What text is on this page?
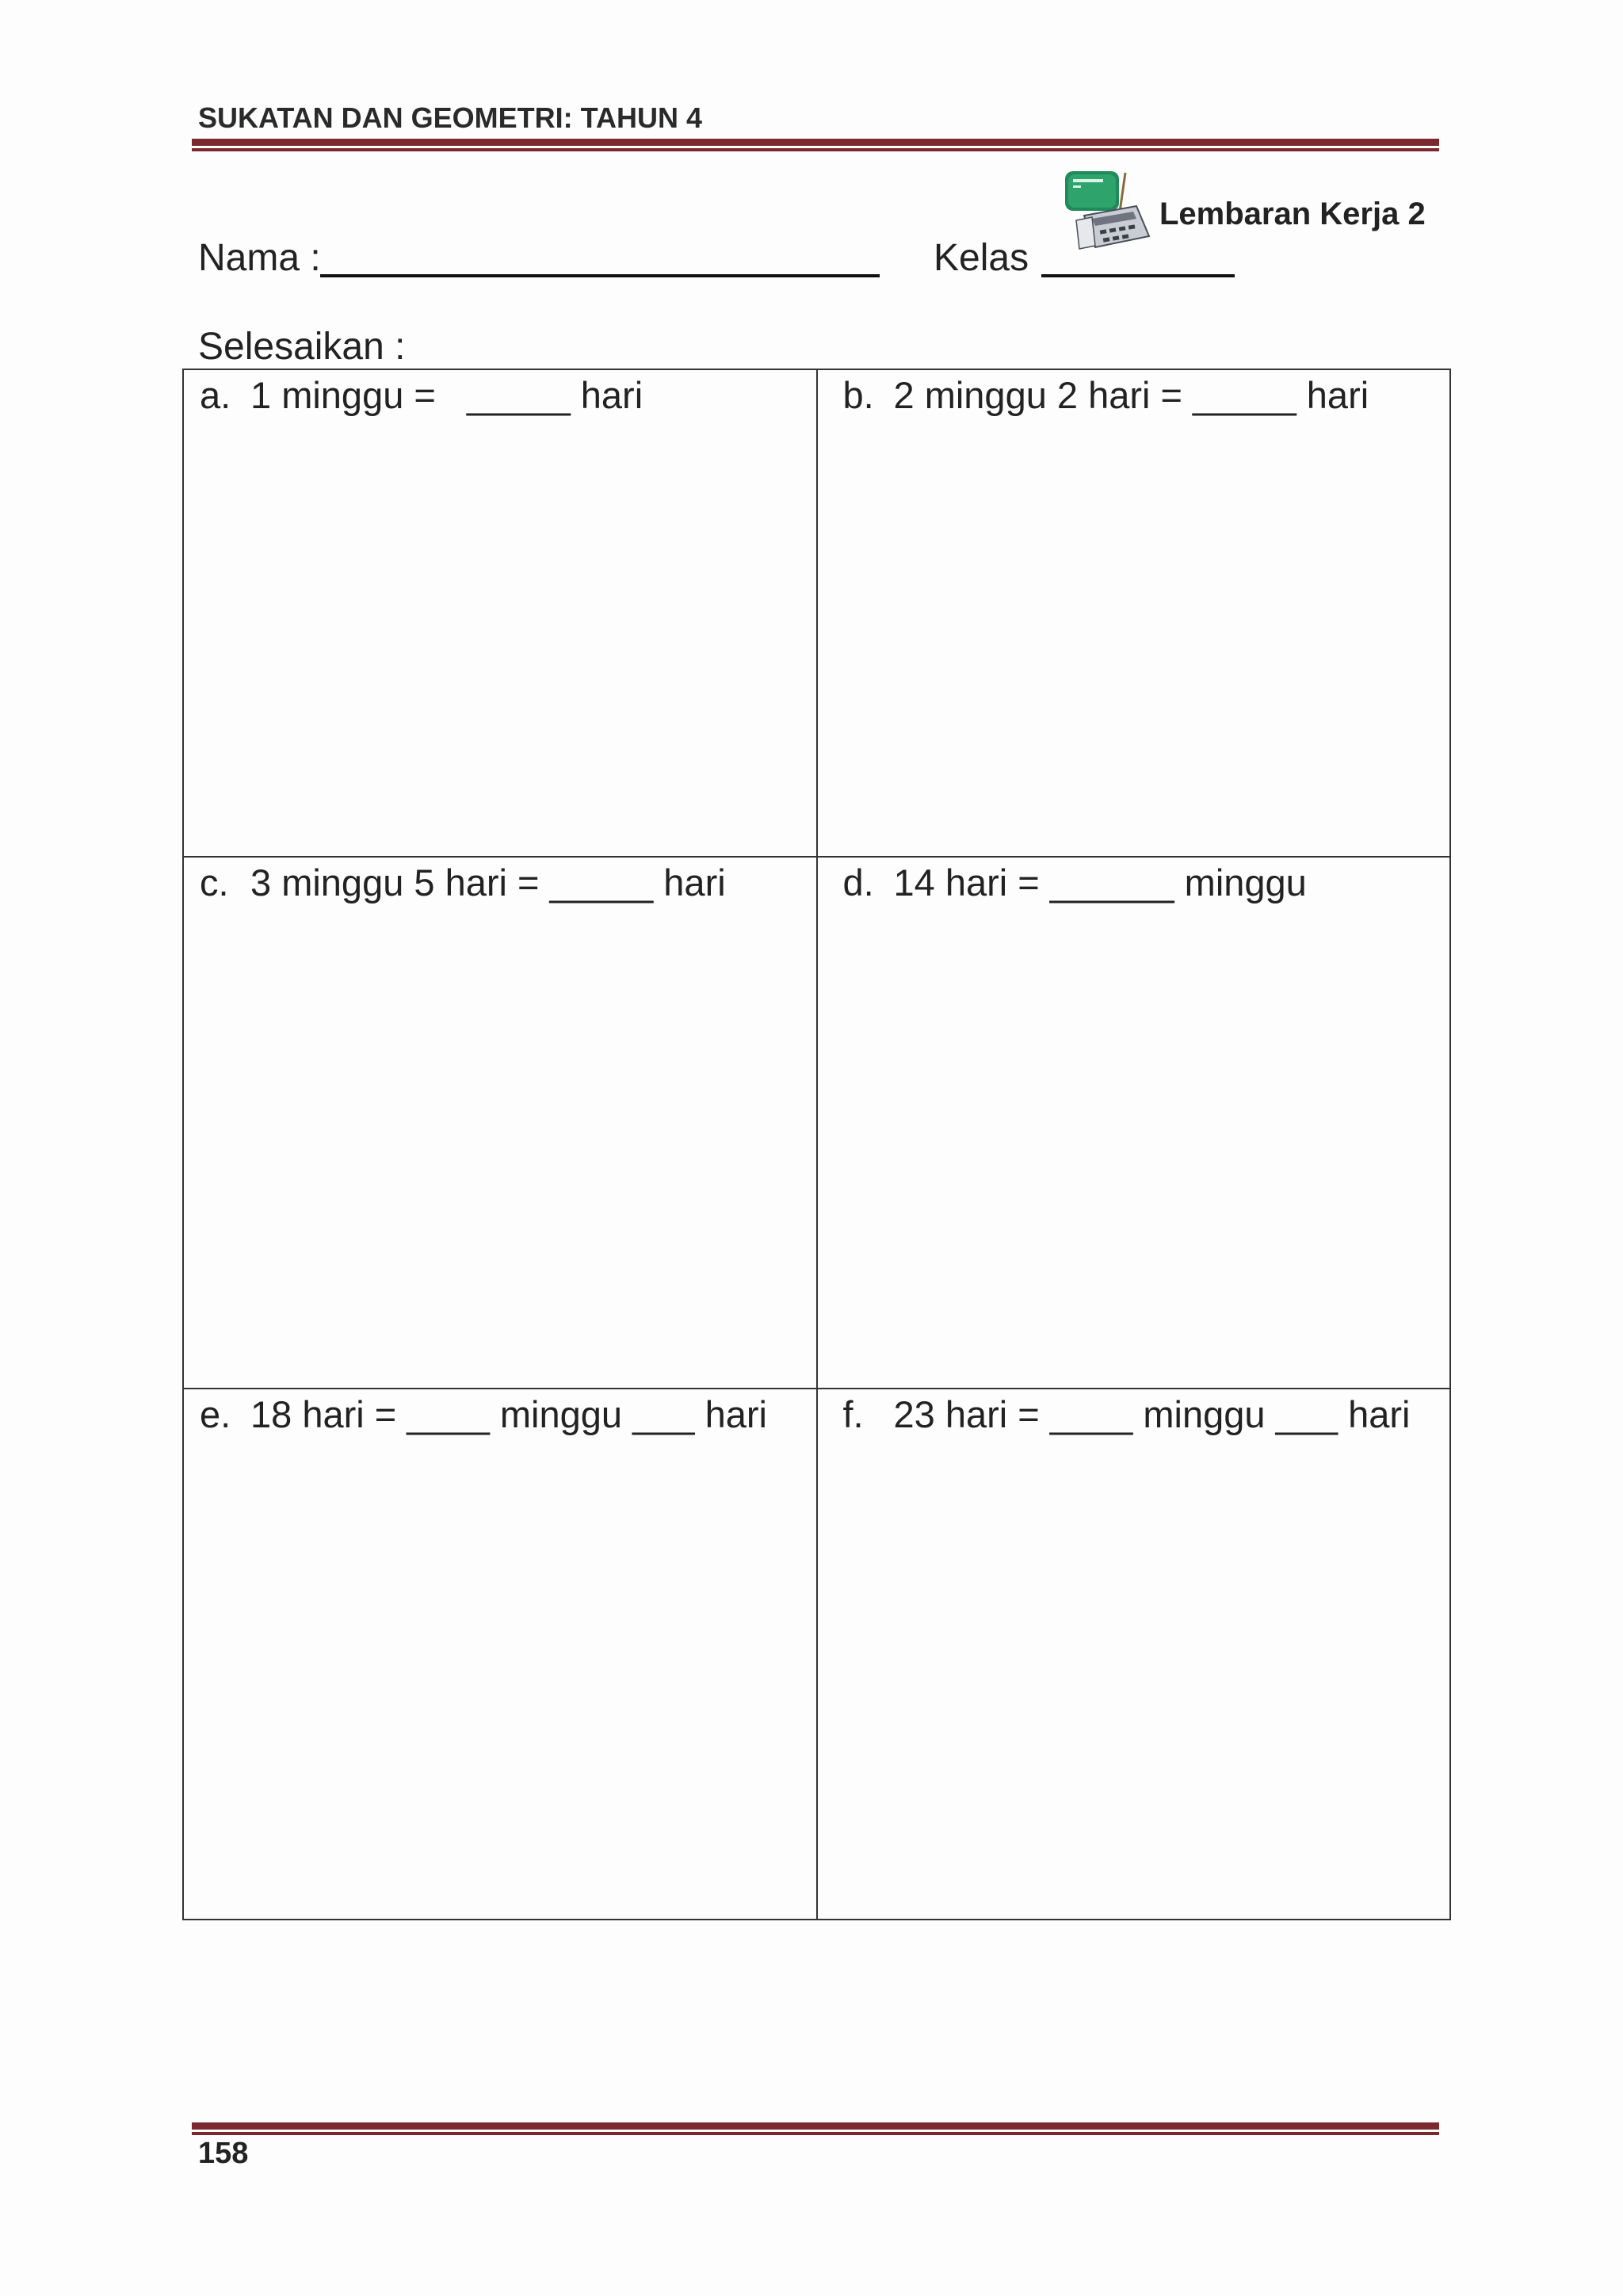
SUKATAN DAN GEOMETRI: TAHUN 4
Lembaran Kerja 2
Nama :	Kelas
Selesaikan :
a. 1 minggu =   _____ hari	b. 2 minggu 2 hari = _____ hari
c. 3 minggu 5 hari = _____ hari	d. 14 hari = ______ minggu
e. 18 hari = ____ minggu ___ hari	f. 23 hari = ____ minggu ___ hari
158
